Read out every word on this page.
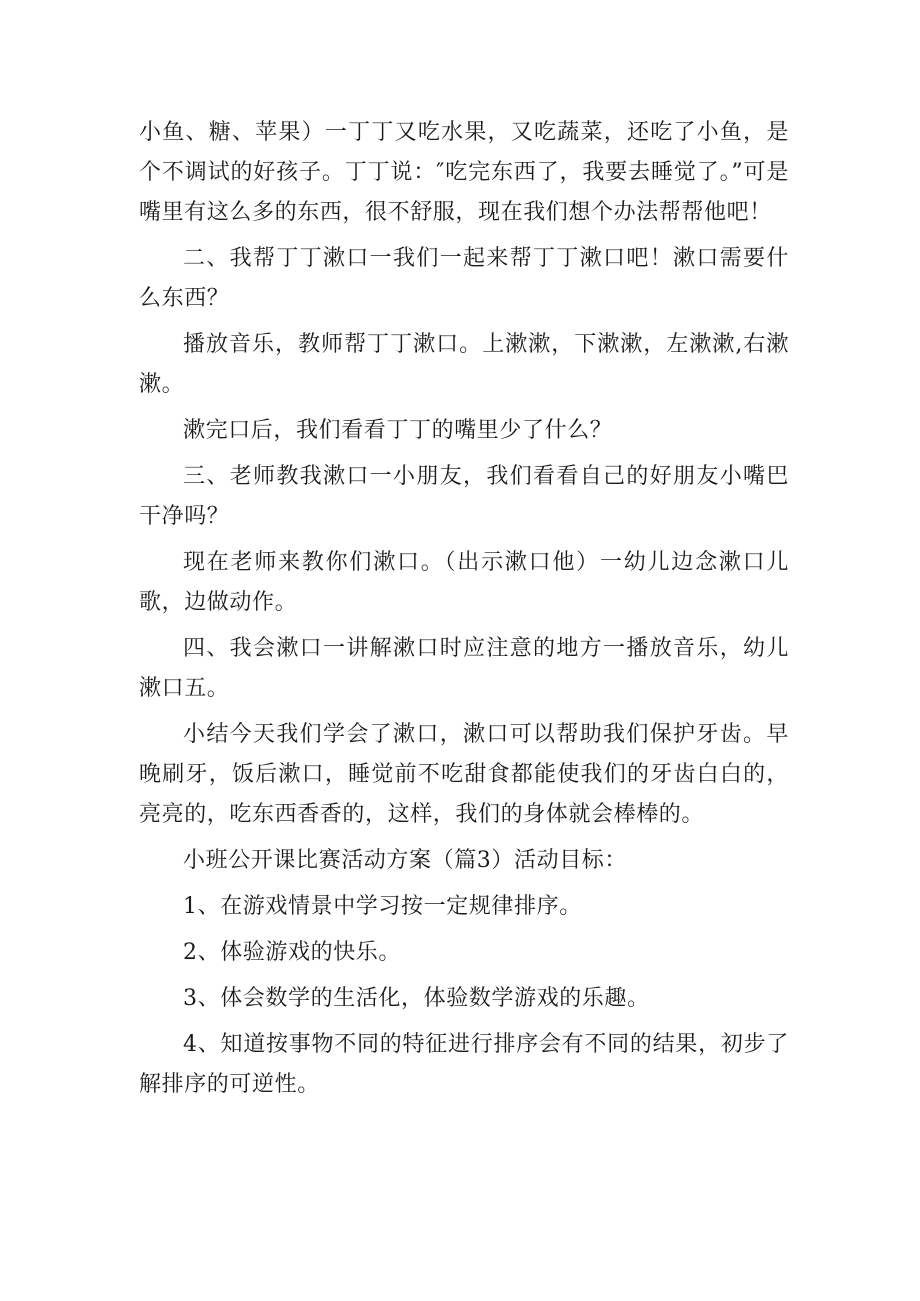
小鱼、糖、苹果）一丁丁又吃水果，又吃蔬菜，还吃了小鱼，是个不调试的好孩子。丁丁说：″吃完东西了，我要去睡觉了。”可是嘴里有这么多的东西，很不舒服，现在我们想个办法帮帮他吧！

二、我帮丁丁漱口一我们一起来帮丁丁漱口吧！漱口需要什么东西？

播放音乐，教师帮丁丁漱口。上漱漱，下漱漱，左漱漱,右漱漱。

漱完口后，我们看看丁丁的嘴里少了什么？

三、老师教我漱口一小朋友，我们看看自己的好朋友小嘴巴干净吗？

现在老师来教你们漱口。（出示漱口他）一幼儿边念漱口儿歌，边做动作。

四、我会漱口一讲解漱口时应注意的地方一播放音乐，幼儿漱口五。

小结今天我们学会了漱口，漱口可以帮助我们保护牙齿。早晚刷牙，饭后漱口，睡觉前不吃甜食都能使我们的牙齿白白的，亮亮的，吃东西香香的，这样，我们的身体就会棒棒的。

小班公开课比赛活动方案（篇3）活动目标：

1、在游戏情景中学习按一定规律排序。

2、体验游戏的快乐。

3、体会数学的生活化，体验数学游戏的乐趣。

4、知道按事物不同的特征进行排序会有不同的结果，初步了解排序的可逆性。
